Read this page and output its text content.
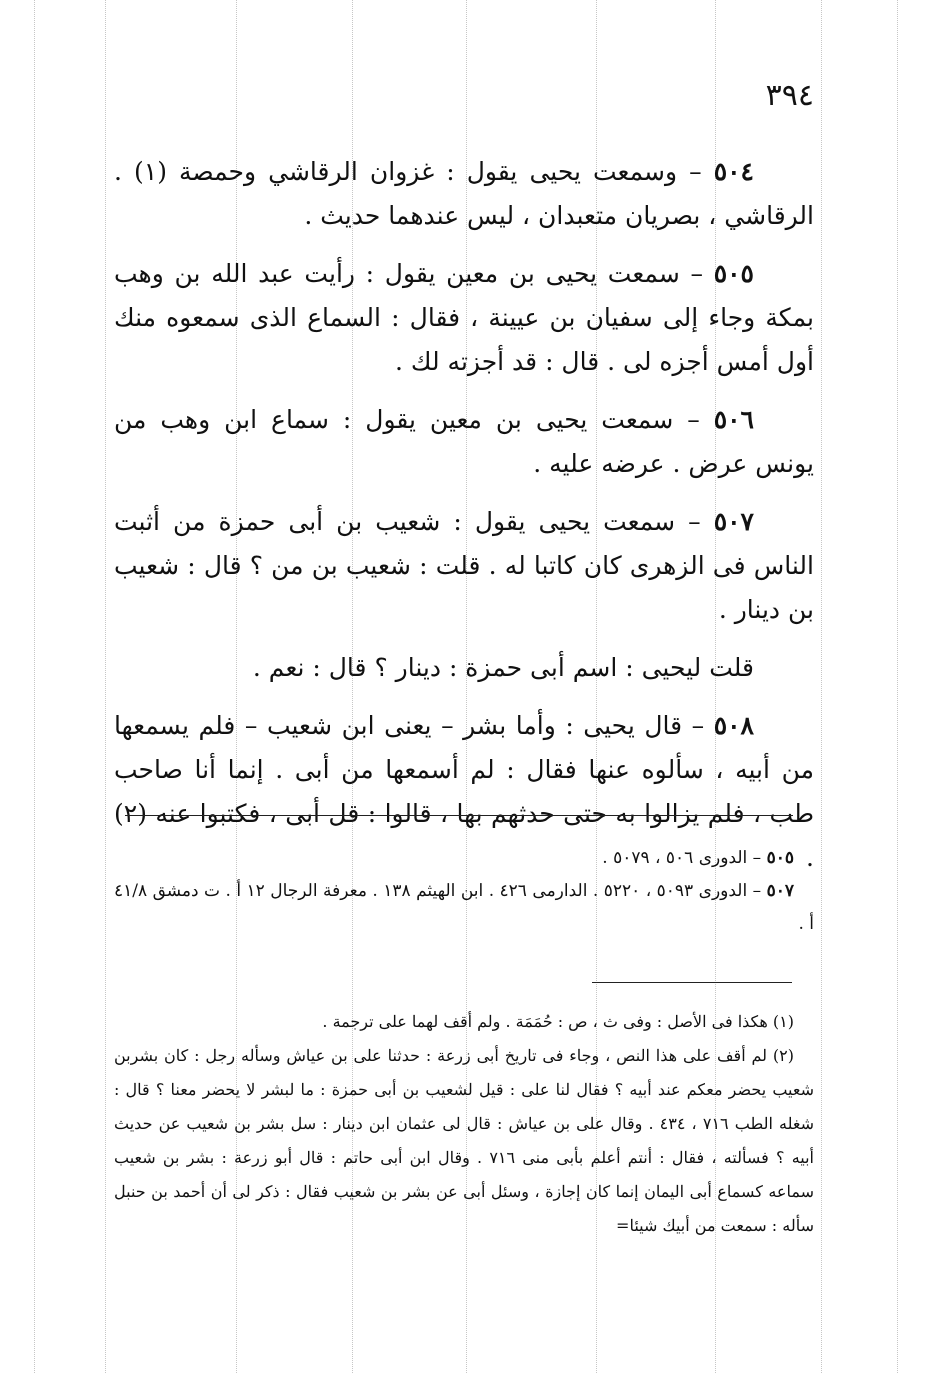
٣٩٤

٥٠٤ – وسمعت يحيى يقول : غزوان الرقاشي وحمصة (١) . الرقاشي ، بصريان متعبدان ، ليس عندهما حديث .

٥٠٥ – سمعت يحيى بن معين يقول : رأيت عبد الله بن وهب بمكة وجاء إلى سفيان بن عيينة ، فقال : السماع الذى سمعوه منك أول أمس أجزه لى . قال : قد أجزته لك .

٥٠٦ – سمعت يحيى بن معين يقول : سماع ابن وهب من يونس عرض . عرضه عليه .

٥٠٧ – سمعت يحيى يقول : شعيب بن أبى حمزة من أثبت الناس فى الزهرى كان كاتبا له . قلت : شعيب بن من ؟ قال : شعيب بن دينار .

قلت ليحيى : اسم أبى حمزة : دينار ؟ قال : نعم .

٥٠٨ – قال يحيى : وأما بشر – يعنى ابن شعيب – فلم يسمعها من أبيه ، سألوه عنها فقال : لم أسمعها من أبى . إنما أنا صاحب طب ، فلم يزالوا به حتى حدثهم بها ، قالوا : قل أبى ، فكتبوا عنه (٢) .

٥٠٥ – الدورى ٥٠٦ ، ٥٠٧٩ .

٥٠٧ – الدورى ٥٠٩٣ ، ٥٢٢٠ . الدارمى ٤٢٦ . ابن الهيثم ١٣٨ . معرفة الرجال ١٢ أ . ت دمشق ٤١/٨ أ .

(١) هكذا فى الأصل : وفى ث ، ص : حُمَمَة . ولم أقف لهما على ترجمة .

(٢) لم أقف على هذا النص ، وجاء فى تاريخ أبى زرعة : حدثنا على بن عياش وسأله رجل : كان بشربن شعيب يحضر معكم عند أبيه ؟ فقال لنا على : قيل لشعيب بن أبى حمزة : ما لبشر لا يحضر معنا ؟ قال : شغله الطب ٧١٦ ، ٤٣٤ . وقال على بن عياش : قال لى عثمان ابن دينار : سل بشر بن شعيب عن حديث أبيه ؟ فسألته ، فقال : أنتم أعلم بأبى منى ٧١٦ . وقال ابن أبى حاتم : قال أبو زرعة : بشر بن شعيب سماعه كسماع أبى اليمان إنما كان إجازة ، وسئل أبى عن بشر بن شعيب فقال : ذكر لى أن أحمد بن حنبل سأله : سمعت من أبيك شيئا=
